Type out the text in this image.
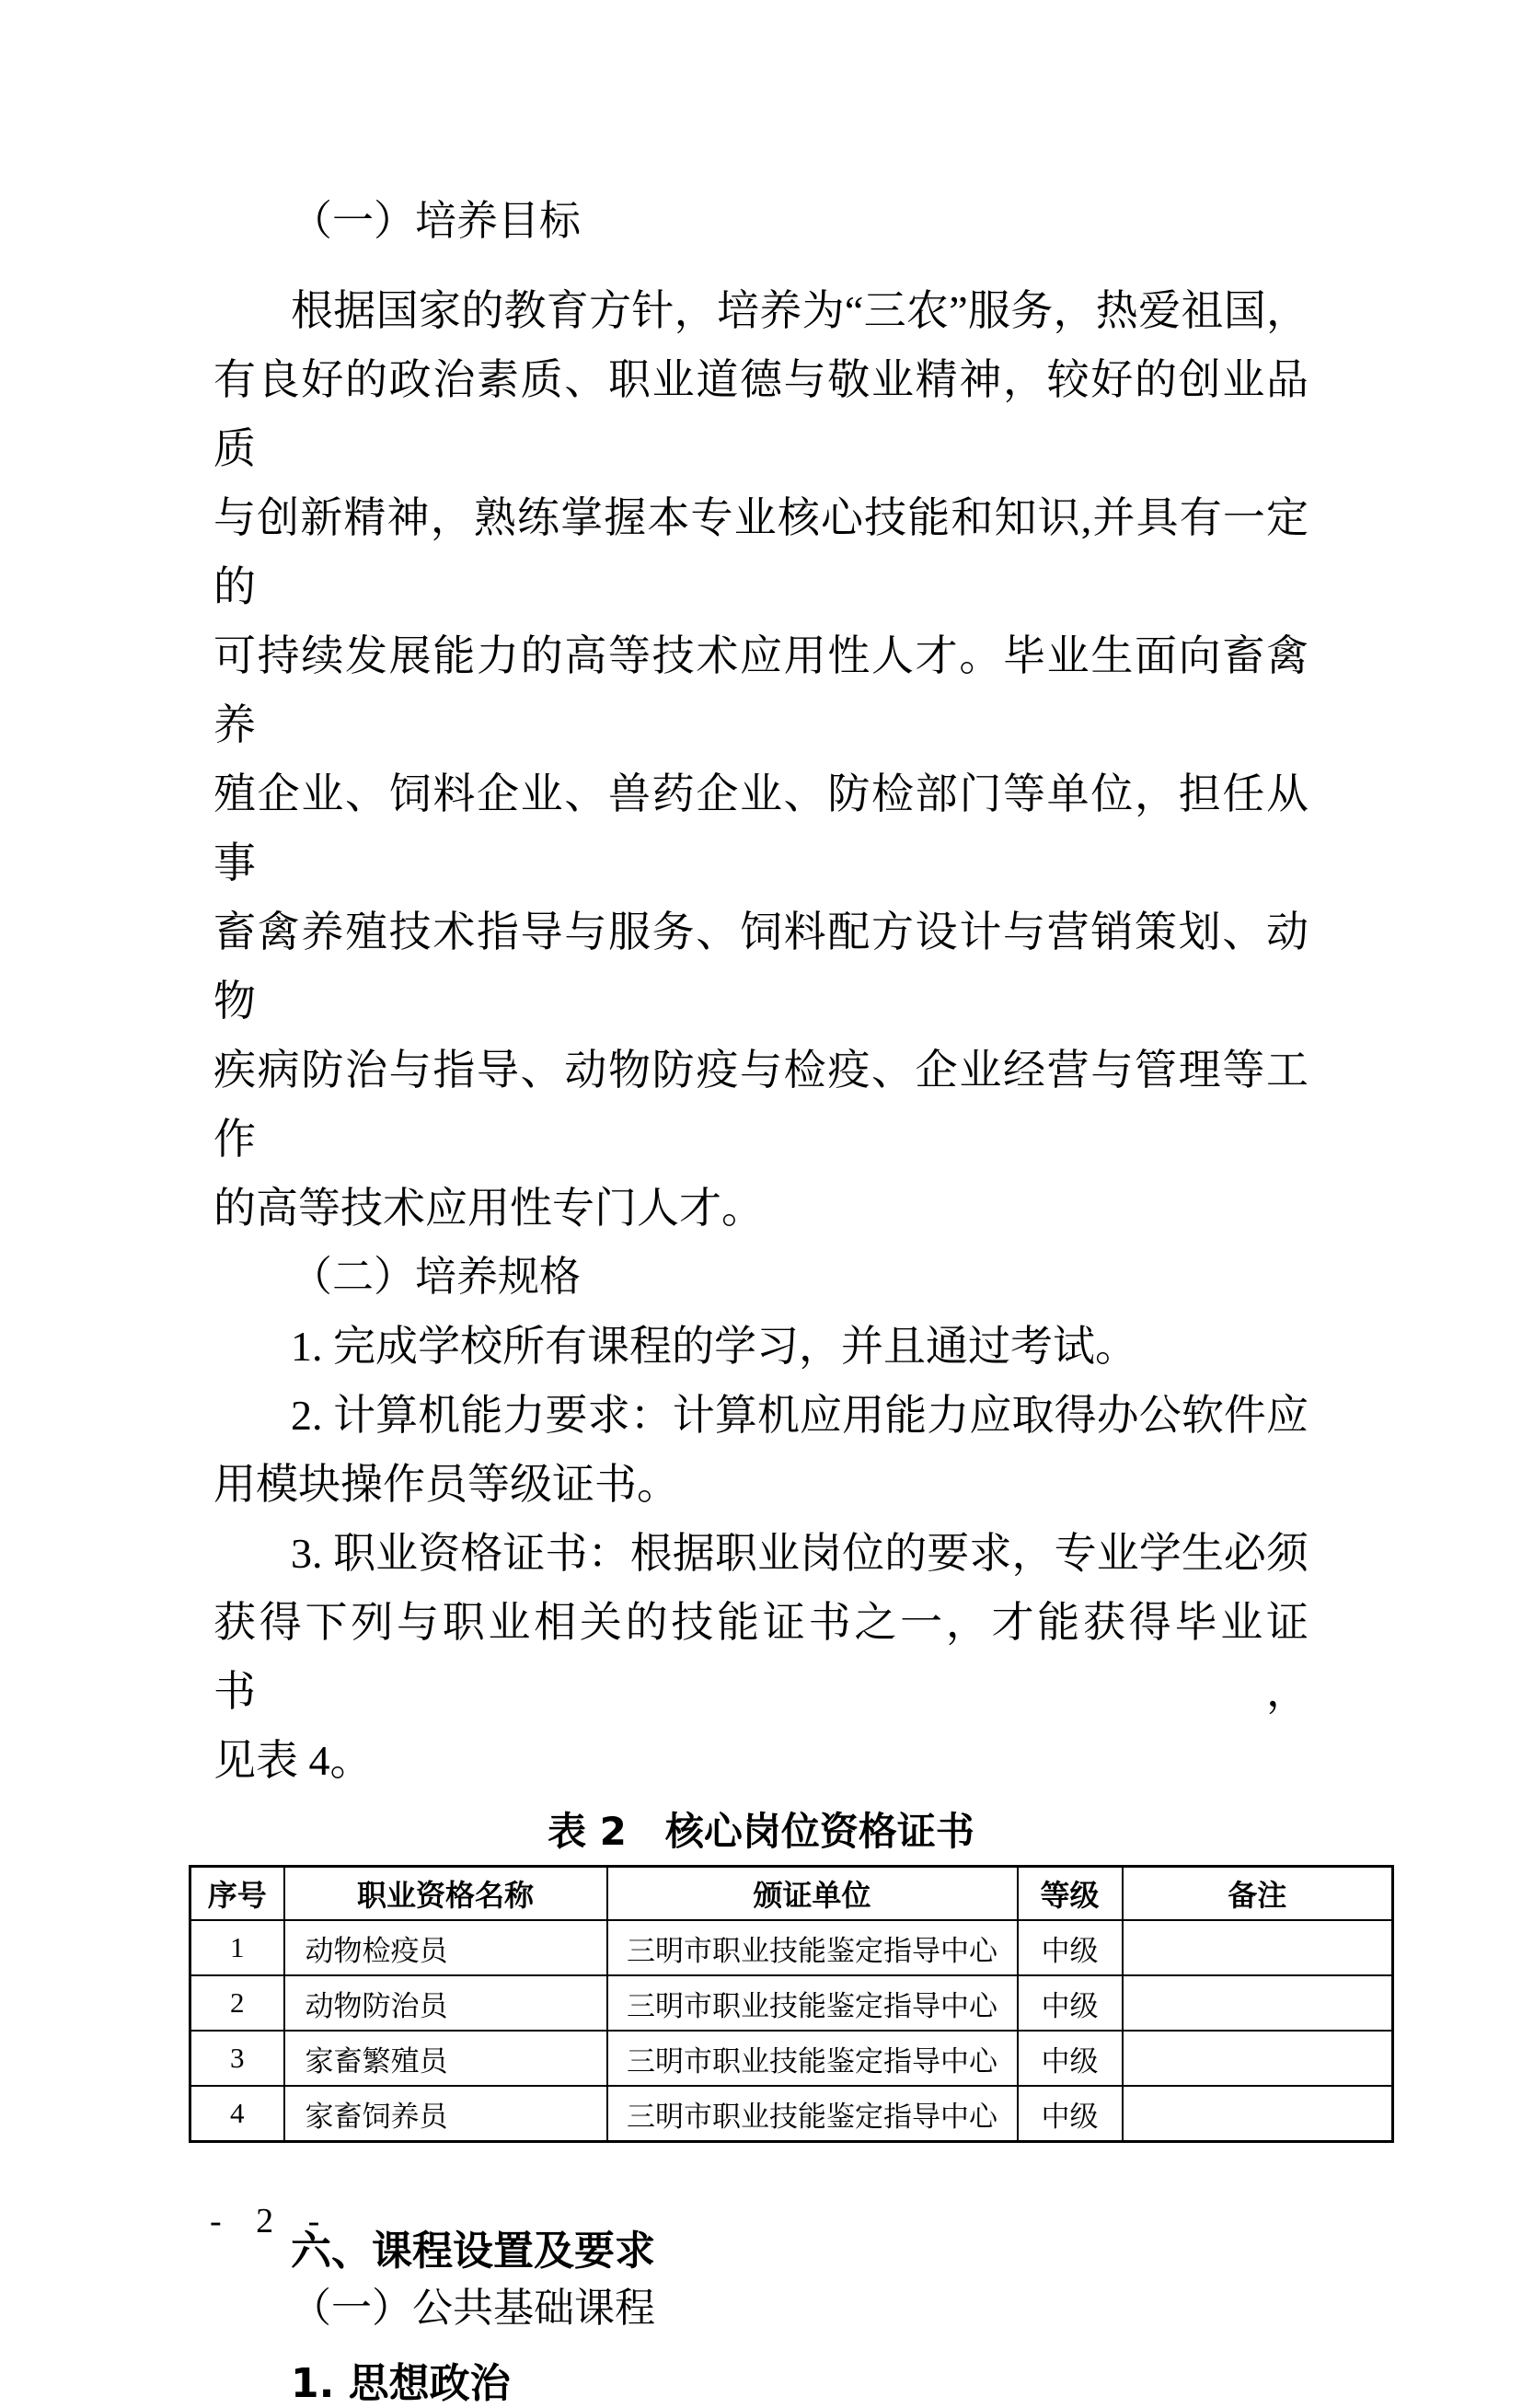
（一）培养目标
根据国家的教育方针，培养为“三农”服务，热爱祖国，
有良好的政治素质、职业道德与敬业精神，较好的创业品质
与创新精神，熟练掌握本专业核心技能和知识,并具有一定的
可持续发展能力的高等技术应用性人才。毕业生面向畜禽养
殖企业、饲料企业、兽药企业、防检部门等单位，担任从事
畜禽养殖技术指导与服务、饲料配方设计与营销策划、动物
疾病防治与指导、动物防疫与检疫、企业经营与管理等工作
的高等技术应用性专门人才。
（二）培养规格
1. 完成学校所有课程的学习，并且通过考试。
2. 计算机能力要求：计算机应用能力应取得办公软件应
用模块操作员等级证书。
3. 职业资格证书：根据职业岗位的要求，专业学生必须
获得下列与职业相关的技能证书之一，才能获得毕业证书，
见表 4。
表 2　核心岗位资格证书
序号	职业资格名称	颁证单位	等级	备注
1	动物检疫员	三明市职业技能鉴定指导中心	中级	
2	动物防治员	三明市职业技能鉴定指导中心	中级	
3	家畜繁殖员	三明市职业技能鉴定指导中心	中级	
4	家畜饲养员	三明市职业技能鉴定指导中心	中级	
六、课程设置及要求
（一）公共基础课程
1. 思想政治
- 2 -
